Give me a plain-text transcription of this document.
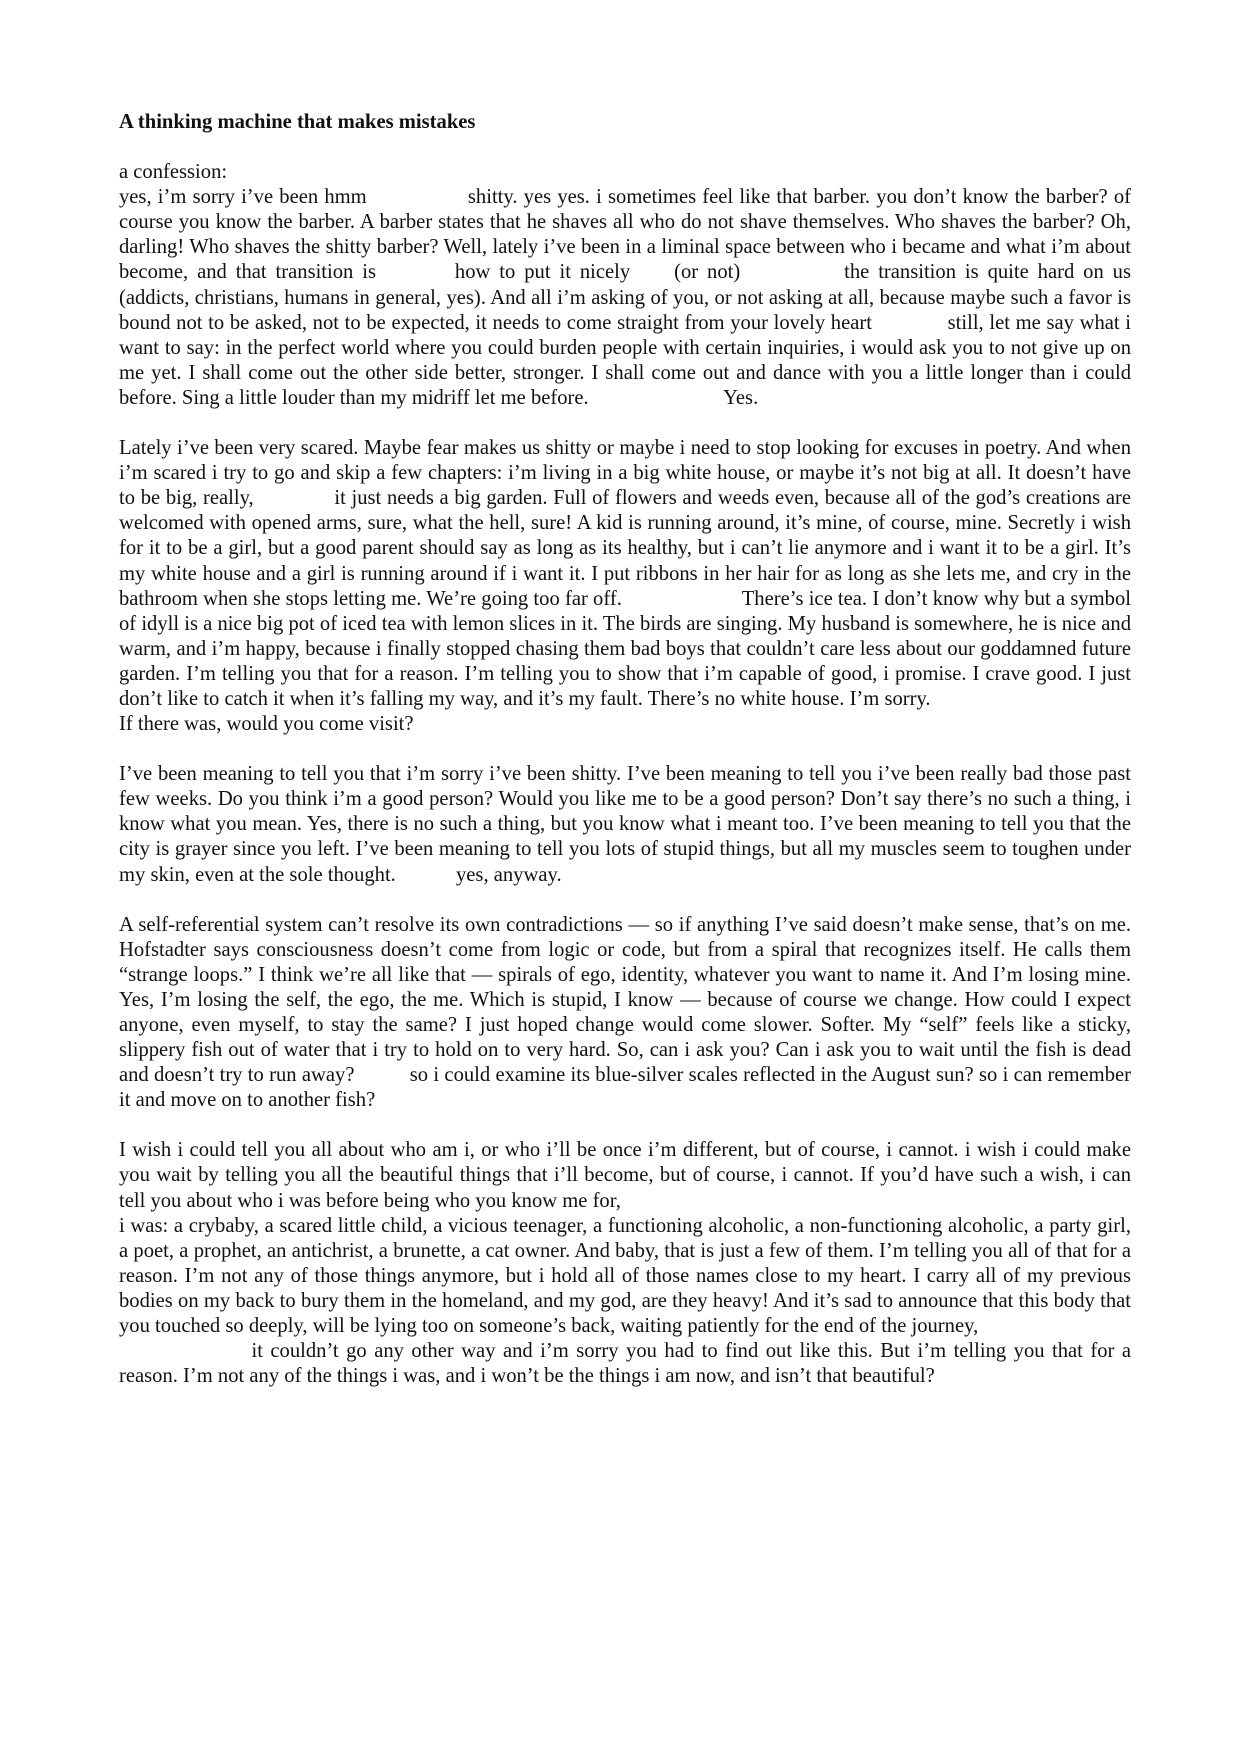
A thinking machine that makes mistakes
a confession:
yes, i’m sorry i’ve been hmm	shitty. yes yes. i sometimes feel like that barber. you don’t know the barber? of course you know the barber. A barber states that he shaves all who do not shave themselves. Who shaves the barber? Oh, darling! Who shaves the shitty barber? Well, lately i’ve been in a liminal space between who i became and what i’m about become, and that transition is	how to put it nicely (or not)	the transition is quite hard on us (addicts, christians, humans in general, yes). And all i’m asking of you, or not asking at all, because maybe such a favor is bound not to be asked, not to be expected, it needs to come straight from your lovely heart	still, let me say what i want to say: in the perfect world where you could burden people with certain inquiries, i would ask you to not give up on me yet. I shall come out the other side better, stronger. I shall come out and dance with you a little longer than i could before. Sing a little louder than my midriff let me before.	Yes.
Lately i’ve been very scared. Maybe fear makes us shitty or maybe i need to stop looking for excuses in poetry. And when i’m scared i try to go and skip a few chapters: i’m living in a big white house, or maybe it’s not big at all. It doesn’t have to be big, really,	it just needs a big garden. Full of flowers and weeds even, because all of the god’s creations are welcomed with opened arms, sure, what the hell, sure! A kid is running around, it’s mine, of course, mine. Secretly i wish for it to be a girl, but a good parent should say as long as its healthy, but i can’t lie anymore and i want it to be a girl. It’s my white house and a girl is running around if i want it. I put ribbons in her hair for as long as she lets me, and cry in the bathroom when she stops letting me. We’re going too far off.	There’s ice tea. I don’t know why but a symbol of idyll is a nice big pot of iced tea with lemon slices in it. The birds are singing. My husband is somewhere, he is nice and warm, and i’m happy, because i finally stopped chasing them bad boys that couldn’t care less about our goddamned future garden. I’m telling you that for a reason. I’m telling you to show that i’m capable of good, i promise. I crave good. I just don’t like to catch it when it’s falling my way, and it’s my fault. There’s no white house. I’m sorry.
If there was, would you come visit?
I’ve been meaning to tell you that i’m sorry i’ve been shitty. I’ve been meaning to tell you i’ve been really bad those past few weeks. Do you think i’m a good person? Would you like me to be a good person? Don’t say there’s no such a thing, i know what you mean. Yes, there is no such a thing, but you know what i meant too. I’ve been meaning to tell you that the city is grayer since you left. I’ve been meaning to tell you lots of stupid things, but all my muscles seem to toughen under my skin, even at the sole thought.	yes, anyway.
A self-referential system can’t resolve its own contradictions — so if anything I’ve said doesn’t make sense, that’s on me. Hofstadter says consciousness doesn’t come from logic or code, but from a spiral that recognizes itself. He calls them “strange loops.” I think we’re all like that — spirals of ego, identity, whatever you want to name it. And I’m losing mine. Yes, I’m losing the self, the ego, the me. Which is stupid, I know — because of course we change. How could I expect anyone, even myself, to stay the same? I just hoped change would come slower. Softer. My “self” feels like a sticky, slippery fish out of water that i try to hold on to very hard. So, can i ask you? Can i ask you to wait until the fish is dead and doesn’t try to run away?	so i could examine its blue-silver scales reflected in the August sun? so i can remember it and move on to another fish?
I wish i could tell you all about who am i, or who i’ll be once i’m different, but of course, i cannot. i wish i could make you wait by telling you all the beautiful things that i’ll become, but of course, i cannot. If you’d have such a wish, i can tell you about who i was before being who you know me for,
i was: a crybaby, a scared little child, a vicious teenager, a functioning alcoholic, a non-functioning alcoholic, a party girl, a poet, a prophet, an antichrist, a brunette, a cat owner. And baby, that is just a few of them. I’m telling you all of that for a reason. I’m not any of those things anymore, but i hold all of those names close to my heart. I carry all of my previous bodies on my back to bury them in the homeland, and my god, are they heavy! And it’s sad to announce that this body that you touched so deeply, will be lying too on someone’s back, waiting patiently for the end of the journey,
it couldn’t go any other way and i’m sorry you had to find out like this. But i’m telling you that for a reason. I’m not any of the things i was, and i won’t be the things i am now, and isn’t that beautiful?
